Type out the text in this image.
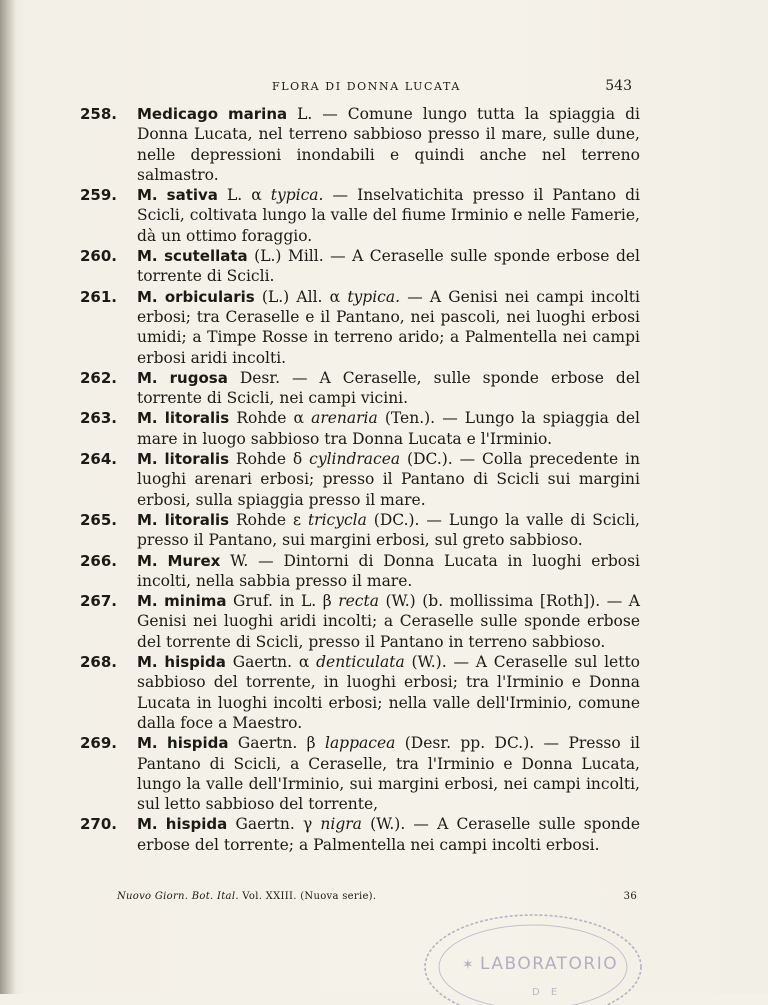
FLORA DI DONNA LUCATA	543

258. Medicago marina L. — Comune lungo tutta la spiaggia di Donna Lucata, nel terreno sabbioso presso il mare, sulle dune, nelle depressioni inondabili e quindi anche nel terreno salmastro.

259. M. sativa L. α typica. — Inselvatichita presso il Pantano di Scicli, coltivata lungo la valle del fiume Irminio e nelle Famerie, dà un ottimo foraggio.

260. M. scutellata (L.) Mill. — A Ceraselle sulle sponde erbose del torrente di Scicli.

261. M. orbicularis (L.) All. α typica. — A Genisi nei campi incolti erbosi; tra Ceraselle e il Pantano, nei pascoli, nei luoghi erbosi umidi; a Timpe Rosse in terreno arido; a Palmentella nei campi erbosi aridi incolti.

262. M. rugosa Desr. — A Ceraselle, sulle sponde erbose del torrente di Scicli, nei campi vicini.

263. M. litoralis Rohde α arenaria (Ten.). — Lungo la spiaggia del mare in luogo sabbioso tra Donna Lucata e l'Irminio.

264. M. litoralis Rohde δ cylindracea (DC.). — Colla precedente in luoghi arenari erbosi; presso il Pantano di Scicli sui margini erbosi, sulla spiaggia presso il mare.

265. M. litoralis Rohde ε tricycla (DC.). — Lungo la valle di Scicli, presso il Pantano, sui margini erbosi, sul greto sabbioso.

266. M. Murex W. — Dintorni di Donna Lucata in luoghi erbosi incolti, nella sabbia presso il mare.

267. M. minima Gruf. in L. β recta (W.) (b. mollissima [Roth]). — A Genisi nei luoghi aridi incolti; a Ceraselle sulle sponde erbose del torrente di Scicli, presso il Pantano in terreno sabbioso.

268. M. hispida Gaertn. α denticulata (W.). — A Ceraselle sul letto sabbioso del torrente, in luoghi erbosi; tra l'Irminio e Donna Lucata in luoghi incolti erbosi; nella valle dell'Irminio, comune dalla foce a Maestro.

269. M. hispida Gaertn. β lappacea (Desr. pp. DC.). — Presso il Pantano di Scicli, a Ceraselle, tra l'Irminio e Donna Lucata, lungo la valle dell'Irminio, sui margini erbosi, nei campi incolti, sul letto sabbioso del torrente,

270. M. hispida Gaertn. γ nigra (W.). — A Ceraselle sulle sponde erbose del torrente; a Palmentella nei campi incolti erbosi.

Nuovo Giorn. Bot. Ital. Vol. XXIII. (Nuova serie).	36
✶ LABORATORIO
D E
